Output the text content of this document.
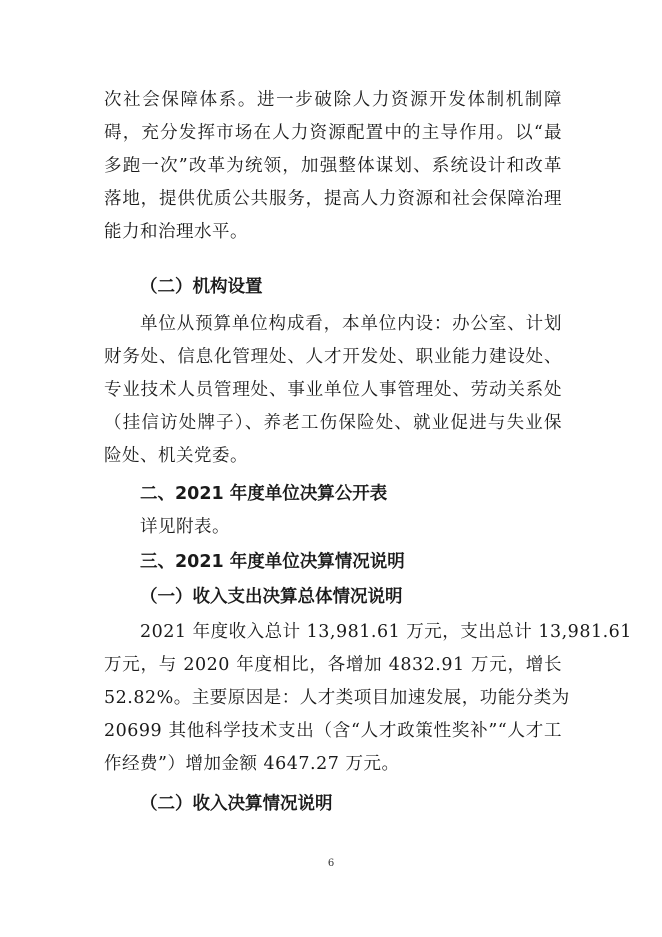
次社会保障体系。进一步破除人力资源开发体制机制障
碍，充分发挥市场在人力资源配置中的主导作用。以“最
多跑一次”改革为统领，加强整体谋划、系统设计和改革
落地，提供优质公共服务，提高人力资源和社会保障治理
能力和治理水平。
（二）机构设置
单位从预算单位构成看，本单位内设：办公室、计划
财务处、信息化管理处、人才开发处、职业能力建设处、
专业技术人员管理处、事业单位人事管理处、劳动关系处
（挂信访处牌子）、养老工伤保险处、就业促进与失业保
险处、机关党委。
二、2021 年度单位决算公开表
详见附表。
三、2021 年度单位决算情况说明
（一）收入支出决算总体情况说明
2021 年度收入总计 13,981.61 万元，支出总计 13,981.61
万元，与 2020 年度相比，各增加 4832.91 万元，增长
52.82%。主要原因是：人才类项目加速发展，功能分类为
20699 其他科学技术支出（含“人才政策性奖补”“人才工
作经费”）增加金额 4647.27 万元。
（二）收入决算情况说明
6
